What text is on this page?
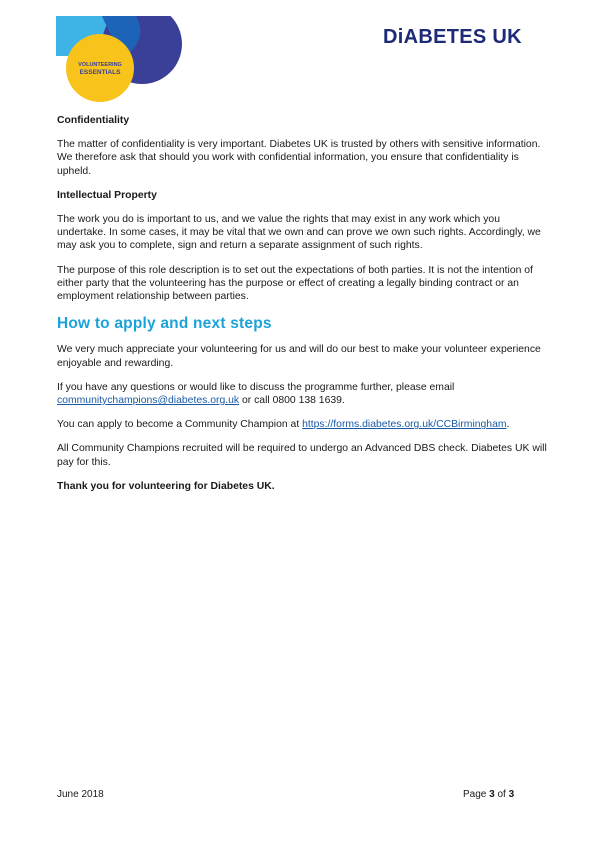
VOLUNTEERING
ESSENTIALS
DiABETES UK
Confidentiality

The matter of confidentiality is very important. Diabetes UK is trusted by others with sensitive information. We therefore ask that should you work with confidential information, you ensure that confidentiality is upheld.

Intellectual Property

The work you do is important to us, and we value the rights that may exist in any work which you undertake. In some cases, it may be vital that we own and can prove we own such rights. Accordingly, we may ask you to complete, sign and return a separate assignment of such rights.

The purpose of this role description is to set out the expectations of both parties. It is not the intention of either party that the volunteering has the purpose or effect of creating a legally binding contract or an employment relationship between parties.

How to apply and next steps

We very much appreciate your volunteering for us and will do our best to make your volunteer experience enjoyable and rewarding.

If you have any questions or would like to discuss the programme further, please email communitychampions@diabetes.org.uk or call 0800 138 1639.

You can apply to become a Community Champion at https://forms.diabetes.org.uk/CCBirmingham.

All Community Champions recruited will be required to undergo an Advanced DBS check. Diabetes UK will pay for this.

Thank you for volunteering for Diabetes UK.

June 2018	Page 3 of 3
